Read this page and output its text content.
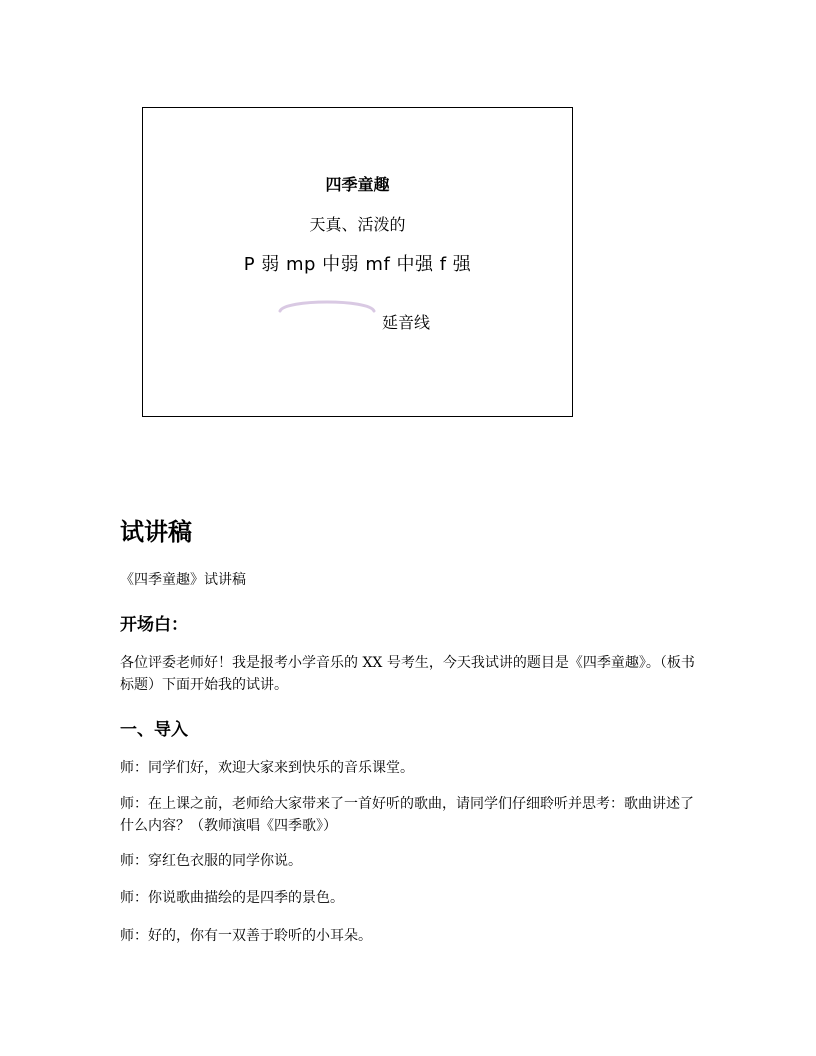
四季童趣
天真、活泼的
P 弱 mp 中弱 mf 中强 f 强
延音线
试讲稿
《四季童趣》试讲稿
开场白：

各位评委老师好！我是报考小学音乐的 XX 号考生，今天我试讲的题目是《四季童趣》。（板书标题）下面开始我的试讲。

一、导入

师：同学们好，欢迎大家来到快乐的音乐课堂。

师：在上课之前，老师给大家带来了一首好听的歌曲，请同学们仔细聆听并思考：歌曲讲述了什么内容？（教师演唱《四季歌》）

师：穿红色衣服的同学你说。

师：你说歌曲描绘的是四季的景色。

师：好的，你有一双善于聆听的小耳朵。
